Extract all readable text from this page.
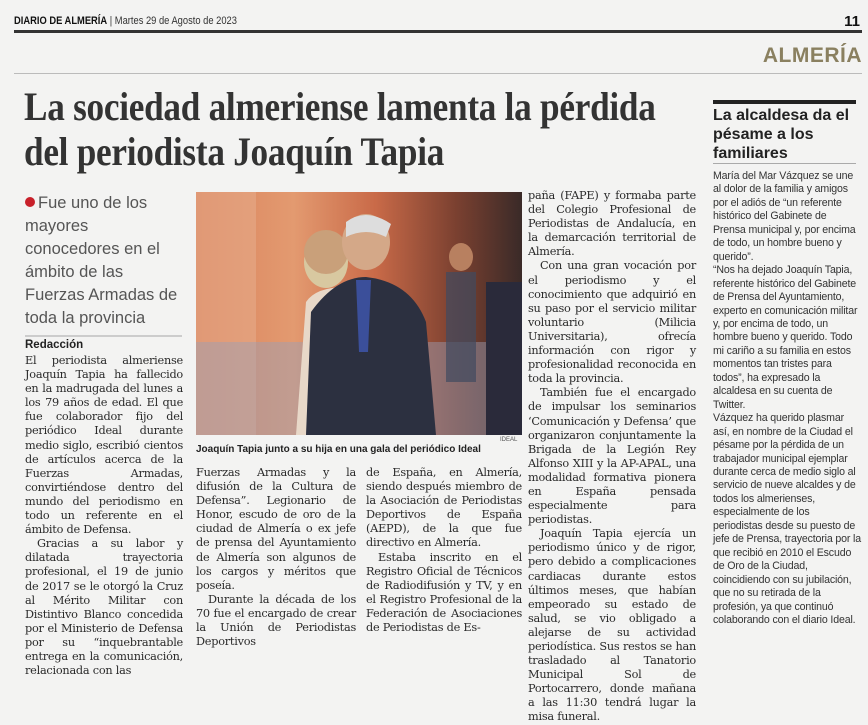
DIARIO DE ALMERÍA | Martes 29 de Agosto de 2023	11
ALMERÍA
La sociedad almeriense lamenta la pérdida del periodista Joaquín Tapia
Fue uno de los mayores conocedores en el ámbito de las Fuerzas Armadas de toda la provincia
Redacción

El periodista almeriense Joaquín Tapia ha fallecido en la madrugada del lunes a los 79 años de edad. El que fue colaborador fijo del periódico Ideal durante medio siglo, escribió cientos de artículos acerca de la Fuerzas Armadas, convirtiéndose dentro del mundo del periodismo en todo un referente en el ámbito de Defensa.

Gracias a su labor y dilatada trayectoria profesional, el 19 de junio de 2017 se le otorgó la Cruz al Mérito Militar con Distintivo Blanco concedida por el Ministerio de Defensa por su “inquebrantable entrega en la comunicación, relacionada con las

IDEAL
Joaquín Tapia junto a su hija en una gala del periódico Ideal

Fuerzas Armadas y la difusión de la Cultura de Defensa”. Legionario de Honor, escudo de oro de la ciudad de Almería o ex jefe de prensa del Ayuntamiento de Almería son algunos de los cargos y méritos que poseía.

Durante la década de los 70 fue el encargado de crear la Unión de Periodistas Deportivos

de España, en Almería, siendo después miembro de la Asociación de Periodistas Deportivos de España (AEPD), de la que fue directivo en Almería.

Estaba inscrito en el Registro Oficial de Técnicos de Radiodifusión y TV, y en el Registro Profesional de la Federación de Asociaciones de Periodistas de Es-

paña (FAPE) y formaba parte del Colegio Profesional de Periodistas de Andalucía, en la demarcación territorial de Almería.

Con una gran vocación por el periodismo y el conocimiento que adquirió en su paso por el servicio militar voluntario (Milicia Universitaria), ofrecía información con rigor y profesionalidad reconocida en toda la provincia.

También fue el encargado de impulsar los seminarios ‘Comunicación y Defensa’ que organizaron conjuntamente la Brigada de la Legión Rey Alfonso XIII y la AP-APAL, una modalidad formativa pionera en España pensada especialmente para periodistas.

Joaquín Tapia ejercía un periodismo único y de rigor, pero debido a complicaciones cardiacas durante estos últimos meses, que habían empeorado su estado de salud, se vio obligado a alejarse de su actividad periodística. Sus restos se han trasladado al Tanatorio Municipal Sol de Portocarrero, donde mañana a las 11:30 tendrá lugar la misa funeral.

La alcaldesa da el pésame a los familiares

María del Mar Vázquez se une al dolor de la familia y amigos por el adiós de “un referente histórico del Gabinete de Prensa municipal y, por encima de todo, un hombre bueno y querido”.

“Nos ha dejado Joaquín Tapia, referente histórico del Gabinete de Prensa del Ayuntamiento, experto en comunicación militar y, por encima de todo, un hombre bueno y querido. Todo mi cariño a su familia en estos momentos tan tristes para todos”, ha expresado la alcaldesa en su cuenta de Twitter.

Vázquez ha querido plasmar así, en nombre de la Ciudad el pésame por la pérdida de un trabajador municipal ejemplar durante cerca de medio siglo al servicio de nueve alcaldes y de todos los almerienses, especialmente de los periodistas desde su puesto de jefe de Prensa, trayectoria por la que recibió en 2010 el Escudo de Oro de la Ciudad, coincidiendo con su jubilación, que no su retirada de la profesión, ya que continuó colaborando con el diario Ideal.
